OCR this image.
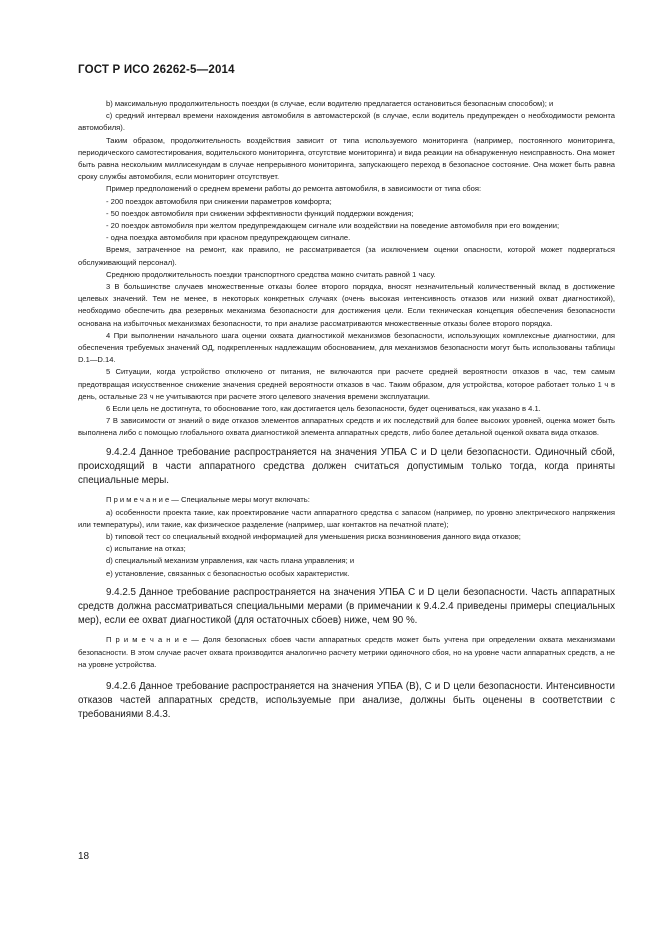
ГОСТ Р ИСО 26262-5—2014

b) максимальную продолжительность поездки (в случае, если водителю предлагается остановиться безопасным способом); и

c) средний интервал времени нахождения автомобиля в автомастерской (в случае, если водитель предупрежден о необходимости ремонта автомобиля).

Таким образом, продолжительность воздействия зависит от типа используемого мониторинга (например, постоянного мониторинга, периодического самотестирования, водительского мониторинга, отсутствие мониторинга) и вида реакции на обнаруженную неисправность. Она может быть равна нескольким миллисекундам в случае непрерывного мониторинга, запускающего переход в безопасное состояние. Она может быть равна сроку службы автомобиля, если мониторинг отсутствует.

Пример предположений о среднем времени работы до ремонта автомобиля, в зависимости от типа сбоя:

- 200 поездок автомобиля при снижении параметров комфорта;

- 50 поездок автомобиля при снижении эффективности функций поддержки вождения;

- 20 поездок автомобиля при желтом предупреждающем сигнале или воздействии на поведение автомобиля при его вождении;

- одна поездка автомобиля при красном предупреждающем сигнале.

Время, затраченное на ремонт, как правило, не рассматривается (за исключением оценки опасности, которой может подвергаться обслуживающий персонал).

Среднюю продолжительность поездки транспортного средства можно считать равной 1 часу.

3 В большинстве случаев множественные отказы более второго порядка, вносят незначительный количественный вклад в достижение целевых значений. Тем не менее, в некоторых конкретных случаях (очень высокая интенсивность отказов или низкий охват диагностикой), необходимо обеспечить два резервных механизма безопасности для достижения цели. Если техническая концепция обеспечения безопасности основана на избыточных механизмах безопасности, то при анализе рассматриваются множественные отказы более второго порядка.

4 При выполнении начального шага оценки охвата диагностикой механизмов безопасности, использующих комплексные диагностики, для обеспечения требуемых значений ОД, подкрепленных надлежащим обоснованием, для механизмов безопасности могут быть использованы таблицы D.1—D.14.

5 Ситуации, когда устройство отключено от питания, не включаются при расчете средней вероятности отказов в час, тем самым предотвращая искусственное снижение значения средней вероятности отказов в час. Таким образом, для устройства, которое работает только 1 ч в день, остальные 23 ч не учитываются при расчете этого целевого значения времени эксплуатации.

6 Если цель не достигнута, то обоснование того, как достигается цель безопасности, будет оцениваться, как указано в 4.1.

7 В зависимости от знаний о виде отказов элементов аппаратных средств и их последствий для более высоких уровней, оценка может быть выполнена либо с помощью глобального охвата диагностикой элемента аппаратных средств, либо более детальной оценкой охвата вида отказов.

9.4.2.4 Данное требование распространяется на значения УПБА C и D цели безопасности. Одиночный сбой, происходящий в части аппаратного средства должен считаться допустимым только тогда, когда приняты специальные меры.

П р и м е ч а н и е — Специальные меры могут включать:

a) особенности проекта такие, как проектирование части аппаратного средства с запасом (например, по уровню электрического напряжения или температуры), или такие, как физическое разделение (например, шаг контактов на печатной плате);

b) типовой тест со специальный входной информацией для уменьшения риска возникновения данного вида отказов;

c) испытание на отказ;

d) специальный механизм управления, как часть плана управления; и

e) установление, связанных с безопасностью особых характеристик.

9.4.2.5 Данное требование распространяется на значения УПБА C и D цели безопасности. Часть аппаратных средств должна рассматриваться специальными мерами (в примечании к 9.4.2.4 приведены примеры специальных мер), если ее охват диагностикой (для остаточных сбоев) ниже, чем 90 %.

П р и м е ч а н и е — Доля безопасных сбоев части аппаратных средств может быть учтена при определении охвата механизмами безопасности. В этом случае расчет охвата производится аналогично расчету метрики одиночного сбоя, но на уровне части аппаратных средств, а не на уровне устройства.

9.4.2.6 Данное требование распространяется на значения УПБА (B), C и D цели безопасности. Интенсивности отказов частей аппаратных средств, используемые при анализе, должны быть оценены в соответствии с требованиями 8.4.3.

18
